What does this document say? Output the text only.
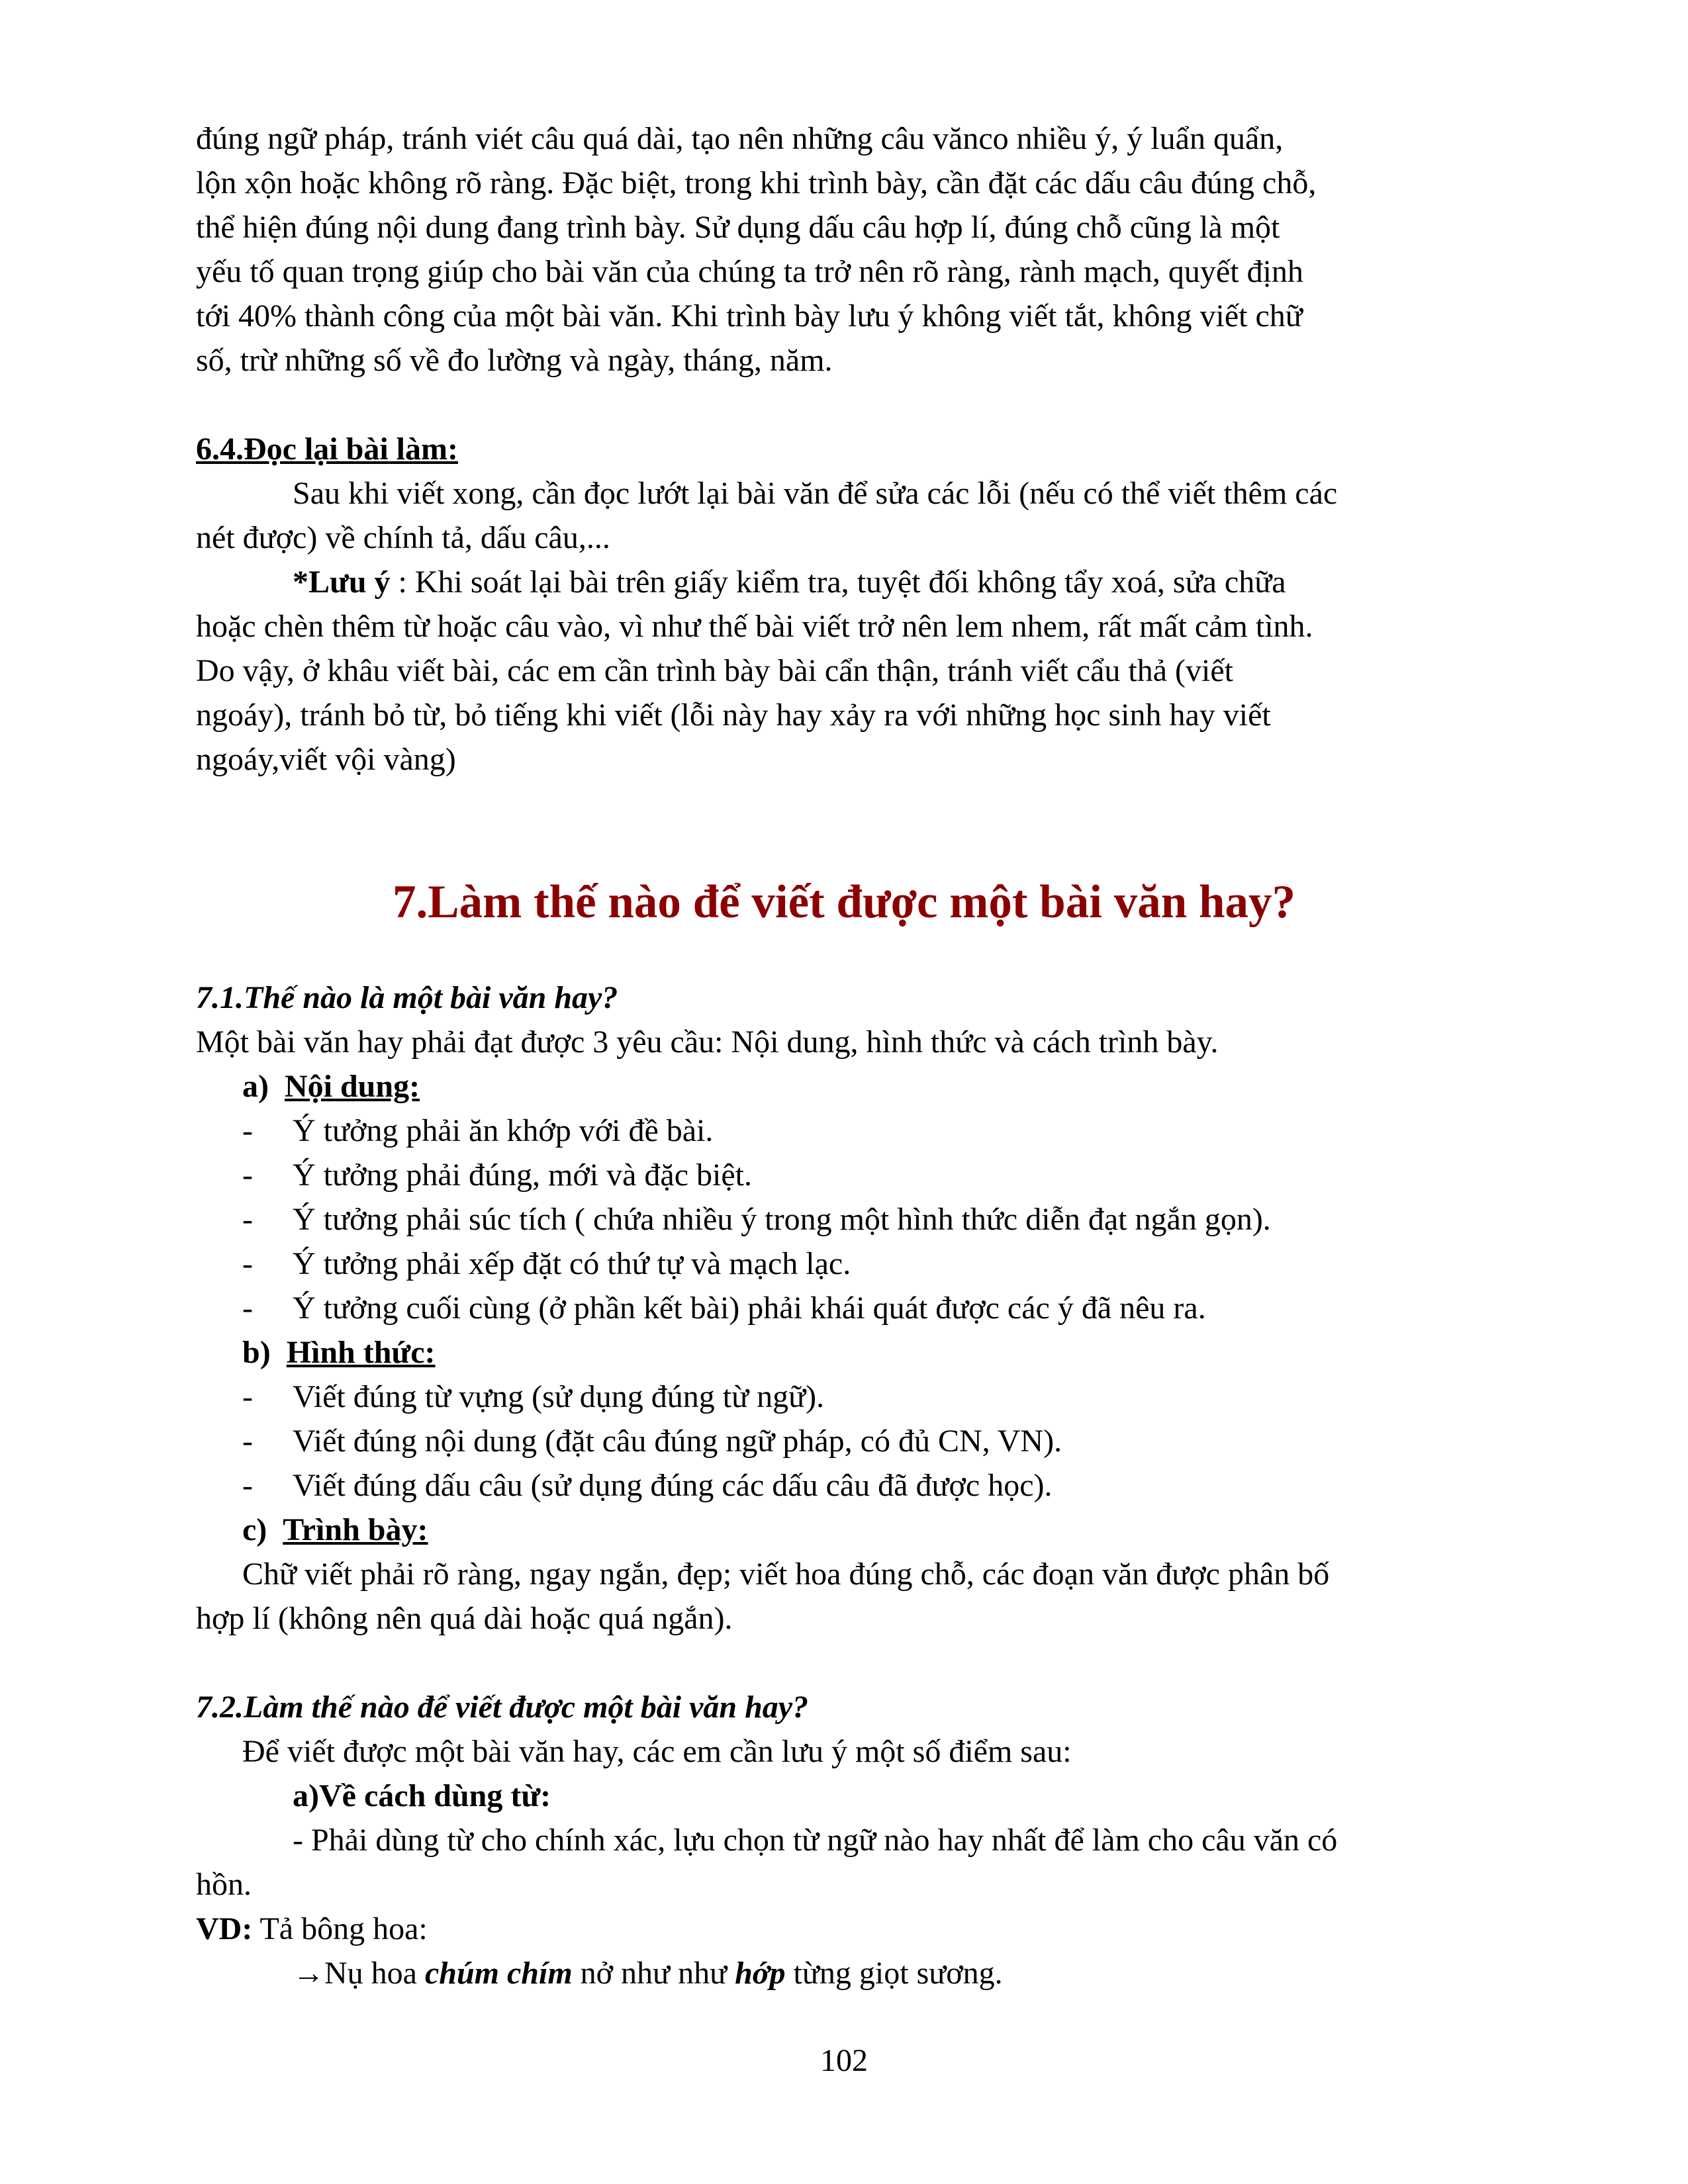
đúng ngữ pháp, tránh viét câu quá dài, tạo nên những câu vănco nhiều ý, ý luẩn quẩn,
lộn xộn hoặc không rõ ràng. Đặc biệt, trong khi trình bày, cần đặt các dấu câu đúng chỗ,
thể hiện đúng nội dung đang trình bày. Sử dụng dấu câu hợp lí, đúng chỗ cũng là một
yếu tố quan trọng giúp cho bài văn của chúng ta trở nên rõ ràng, rành mạch, quyết định
tới 40% thành công của một bài văn. Khi trình bày lưu ý không viết tắt, không viết chữ
số, trừ những số về đo lường và ngày, tháng, năm.
6.4.Đọc lại bài làm:
Sau khi viết xong, cần đọc lướt lại bài văn để sửa các lỗi (nếu có thể viết thêm các
nét được) về chính tả, dấu câu,...
*Lưu ý : Khi soát lại bài trên giấy kiểm tra, tuyệt đối không tẩy xoá, sửa chữa
hoặc chèn thêm từ hoặc câu vào, vì như thế bài viết trở nên lem nhem, rất mất cảm tình.
Do vậy, ở khâu viết bài, các em cần trình bày bài cẩn thận, tránh viết cẩu thả (viết
ngoáy), tránh bỏ từ, bỏ tiếng khi viết (lỗi này hay xảy ra với những học sinh hay viết
ngoáy,viết vội vàng)
7.Làm thế nào để viết được một bài văn hay?
7.1.Thế nào là một bài văn hay?
Một bài văn hay phải đạt được 3 yêu cầu: Nội dung, hình thức và cách trình bày.
a) Nội dung:
- Ý tưởng phải ăn khớp với đề bài.
- Ý tưởng phải đúng, mới và đặc biệt.
- Ý tưởng phải súc tích ( chứa nhiều ý trong một hình thức diễn đạt ngắn gọn).
- Ý tưởng phải xếp đặt có thứ tự và mạch lạc.
- Ý tưởng cuối cùng (ở phần kết bài) phải khái quát được các ý đã nêu ra.
b) Hình thức:
- Viết đúng từ vựng (sử dụng đúng từ ngữ).
- Viết đúng nội dung (đặt câu đúng ngữ pháp, có đủ CN, VN).
- Viết đúng dấu câu (sử dụng đúng các dấu câu đã được học).
c) Trình bày:
Chữ viết phải rõ ràng, ngay ngắn, đẹp; viết hoa đúng chỗ, các đoạn văn được phân bố
hợp lí (không nên quá dài hoặc quá ngắn).
7.2.Làm thế nào để viết được một bài văn hay?
Để viết được một bài văn hay, các em cần lưu ý một số điểm sau:
a)Về cách dùng từ:
- Phải dùng từ cho chính xác, lựu chọn từ ngữ nào hay nhất để làm cho câu văn có
hồn.
VD: Tả bông hoa:
→Nụ hoa chúm chím nở như như hớp từng giọt sương.
102
